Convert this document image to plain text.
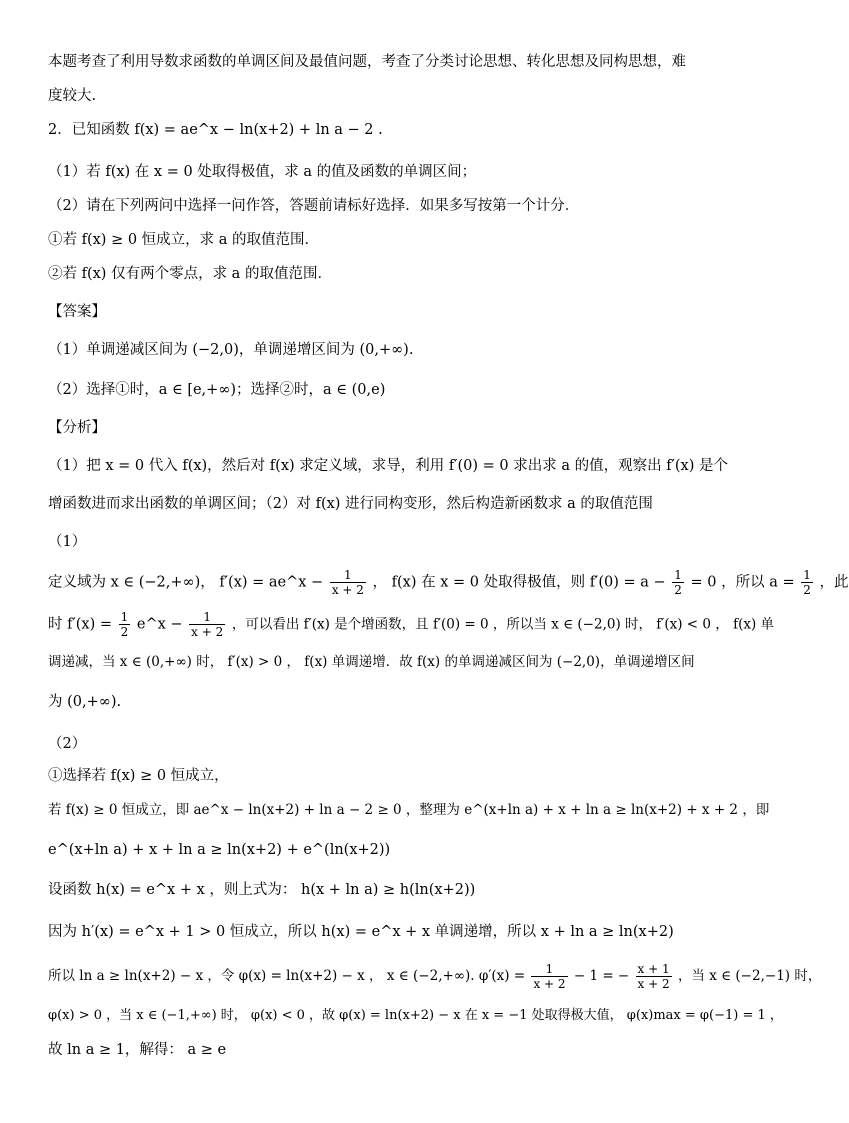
本题考查了利用导数求函数的单调区间及最值问题，考查了分类讨论思想、转化思想及同构思想，难
度较大.
2．已知函数 f(x) = ae^x − ln(x+2) + ln a − 2 .
（1）若 f(x) 在 x = 0 处取得极值，求 a 的值及函数的单调区间；
（2）请在下列两问中选择一问作答，答题前请标好选择．如果多写按第一个计分．
①若 f(x) ≥ 0 恒成立，求 a 的取值范围．
②若 f(x) 仅有两个零点，求 a 的取值范围．
【答案】
（1）单调递减区间为 (−2,0)，单调递增区间为 (0,+∞).
（2）选择①时，a ∈ [e,+∞)；选择②时，a ∈ (0,e)
【分析】
（1）把 x = 0 代入 f(x)，然后对 f(x) 求定义域，求导，利用 f′(0) = 0 求出求 a 的值，观察出 f′(x) 是个
增函数进而求出函数的单调区间；（2）对 f(x) 进行同构变形，然后构造新函数求 a 的取值范围
（1）
定义域为 x ∈ (−2,+∞)， f′(x) = ae^x − $\frac{1}{x + 2}$ ， f(x) 在 x = 0 处取得极值，则 $f'(0) = a - \frac{1}{2} = 0$ ，所以 $a = \frac{1}{2}$ ，此
时 $f'(x) = \frac{1}{2}$ e^x − $\frac{1}{x + 2}$ ，可以看出 f′(x) 是个增函数，且 f′(0) = 0 ，所以当 x ∈ (−2,0) 时， f′(x) < 0 ， f(x) 单
调递减，当 x ∈ (0,+∞) 时， f′(x) > 0 ， f(x) 单调递增．故 f(x) 的单调递减区间为 (−2,0)，单调递增区间
为 (0,+∞).
（2）
①选择若 f(x) ≥ 0 恒成立，
若 f(x) ≥ 0 恒成立，即 ae^x − ln(x+2) + ln a − 2 ≥ 0 ，整理为 e^(x+ln a) + x + ln a ≥ ln(x+2) + x + 2 ，即
e^(x+ln a) + x + ln a ≥ ln(x+2) + e^(ln(x+2))
设函数 h(x) = e^x + x ，则上式为： h(x + ln a) ≥ h(ln(x+2))
因为 h′(x) = e^x + 1 > 0 恒成立，所以 h(x) = e^x + x 单调递增，所以 x + ln a ≥ ln(x+2)
所以 ln a ≥ ln(x+2) − x ，令 φ(x) = ln(x+2) − x ， x ∈ (−2,+∞). $\varphi'(x) = \frac{1}{x + 2} - 1$ = − $\frac{x + 1}{x + 2}$ ，当 x ∈ (−2,−1) 时，
φ(x) > 0 ，当 x ∈ (−1,+∞) 时， φ(x) < 0 ，故 φ(x) = ln(x+2) − x 在 x = −1 处取得极大值， φ(x)max = φ(−1) = 1 ，
故 ln a ≥ 1，解得： a ≥ e
